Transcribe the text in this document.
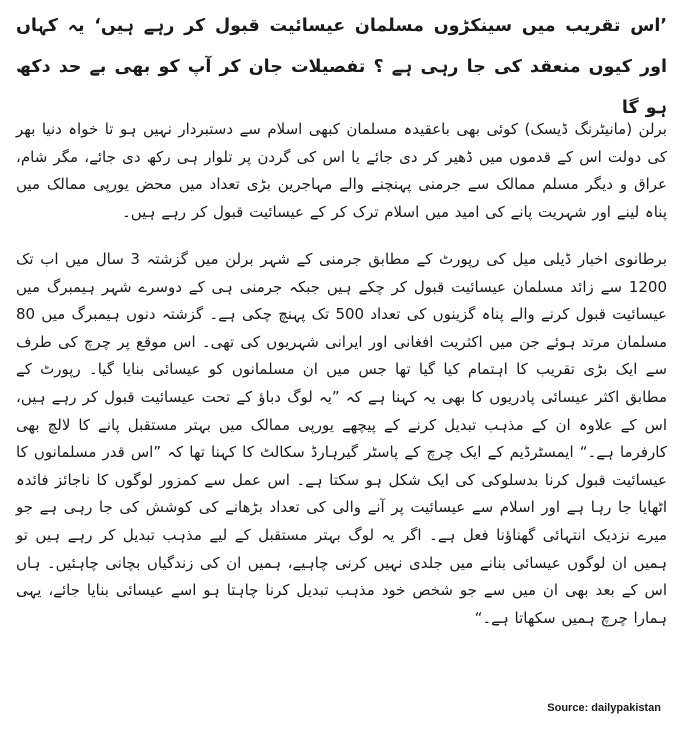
’اس تقریب میں سینکڑوں مسلمان عیسائیت قبول کر رہے ہیں‘ یہ کہاں اور کیوں منعقد کی جا رہی ہے ؟ تفصیلات جان کر آپ کو بھی بے حد دکھ ہو گا

برلن (مانیٹرنگ ڈیسک) کوئی بھی باعقیدہ مسلمان کبھی اسلام سے دستبردار نہیں ہو تا خواہ دنیا بھر کی دولت اس کے قدموں میں ڈھیر کر دی جائے یا اس کی گردن پر تلوار ہی رکھ دی جائے، مگر شام، عراق و دیگر مسلم ممالک سے جرمنی پہنچنے والے مہاجرین بڑی تعداد میں محض یورپی ممالک میں پناہ لینے اور شہریت پانے کی امید میں اسلام ترک کر کے عیسائیت قبول کر رہے ہیں۔

برطانوی اخبار ڈیلی میل کی رپورٹ کے مطابق جرمنی کے شہر برلن میں گزشتہ 3 سال میں اب تک 1200 سے زائد مسلمان عیسائیت قبول کر چکے ہیں جبکہ جرمنی ہی کے دوسرے شہر ہیمبرگ میں عیسائیت قبول کرنے والے پناہ گزینوں کی تعداد 500 تک پہنچ چکی ہے۔ گزشتہ دنوں ہیمبرگ میں 80 مسلمان مرتد ہوئے جن میں اکثریت افغانی اور ایرانی شہریوں کی تھی۔ اس موقع پر چرچ کی طرف سے ایک بڑی تقریب کا اہتمام کیا گیا تھا جس میں ان مسلمانوں کو عیسائی بنایا گیا۔ رپورٹ کے مطابق اکثر عیسائی پادریوں کا بھی یہ کہنا ہے کہ ”یہ لوگ دباؤ کے تحت عیسائیت قبول کر رہے ہیں، اس کے علاوہ ان کے مذہب تبدیل کرنے کے پیچھے یورپی ممالک میں بہتر مستقبل پانے کا لالچ بھی کارفرما ہے۔“ ایمسٹرڈیم کے ایک چرچ کے پاسٹر گیرہارڈ سکالٹ کا کہنا تھا کہ ”اس قدر مسلمانوں کا عیسائیت قبول کرنا بدسلوکی کی ایک شکل ہو سکتا ہے۔ اس عمل سے کمزور لوگوں کا ناجائز فائدہ اٹھایا جا رہا ہے اور اسلام سے عیسائیت پر آنے والی کی تعداد بڑھانے کی کوشش کی جا رہی ہے جو میرے نزدیک انتہائی گھناؤنا فعل ہے۔ اگر یہ لوگ بہتر مستقبل کے لیے مذہب تبدیل کر رہے ہیں تو ہمیں ان لوگوں عیسائی بنانے میں جلدی نہیں کرنی چاہیے، ہمیں ان کی زندگیاں بچانی چاہئیں۔ ہاں اس کے بعد بھی ان میں سے جو شخص خود مذہب تبدیل کرنا چاہتا ہو اسے عیسائی بنایا جائے، یہی ہمارا چرچ ہمیں سکھاتا ہے۔“

Source: dailypakistan
